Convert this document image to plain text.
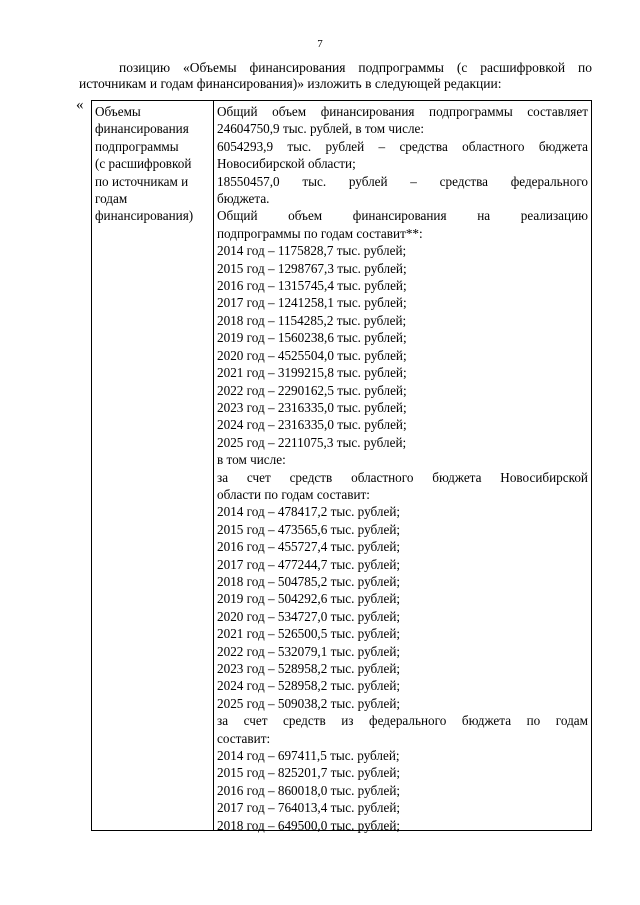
7
позицию «Объемы финансирования подпрограммы (с расшифровкой по источникам и годам финансирования)» изложить в следующей редакции:
« Объемы
финансирования
подпрограммы
(с расшифровкой
по источникам и
годам
финансирования)
Общий объем финансирования подпрограммы составляет
24604750,9 тыс. рублей, в том числе:
6054293,9 тыс. рублей – средства областного бюджета
Новосибирской области;
18550457,0 тыс. рублей – средства федерального
бюджета.
Общий объем финансирования на реализацию
подпрограммы по годам составит**:
2014 год – 1175828,7 тыс. рублей;
2015 год – 1298767,3 тыс. рублей;
2016 год – 1315745,4 тыс. рублей;
2017 год – 1241258,1 тыс. рублей;
2018 год – 1154285,2 тыс. рублей;
2019 год – 1560238,6 тыс. рублей;
2020 год – 4525504,0 тыс. рублей;
2021 год – 3199215,8 тыс. рублей;
2022 год – 2290162,5 тыс. рублей;
2023 год – 2316335,0 тыс. рублей;
2024 год – 2316335,0 тыс. рублей;
2025 год – 2211075,3 тыс. рублей;
в том числе:
за счет средств областного бюджета Новосибирской
области по годам составит:
2014 год – 478417,2 тыс. рублей;
2015 год – 473565,6 тыс. рублей;
2016 год – 455727,4 тыс. рублей;
2017 год – 477244,7 тыс. рублей;
2018 год – 504785,2 тыс. рублей;
2019 год – 504292,6 тыс. рублей;
2020 год – 534727,0 тыс. рублей;
2021 год – 526500,5 тыс. рублей;
2022 год – 532079,1 тыс. рублей;
2023 год – 528958,2 тыс. рублей;
2024 год – 528958,2 тыс. рублей;
2025 год – 509038,2 тыс. рублей;
за счет средств из федерального бюджета по годам
составит:
2014 год – 697411,5 тыс. рублей;
2015 год – 825201,7 тыс. рублей;
2016 год – 860018,0 тыс. рублей;
2017 год – 764013,4 тыс. рублей;
2018 год – 649500,0 тыс. рублей;
